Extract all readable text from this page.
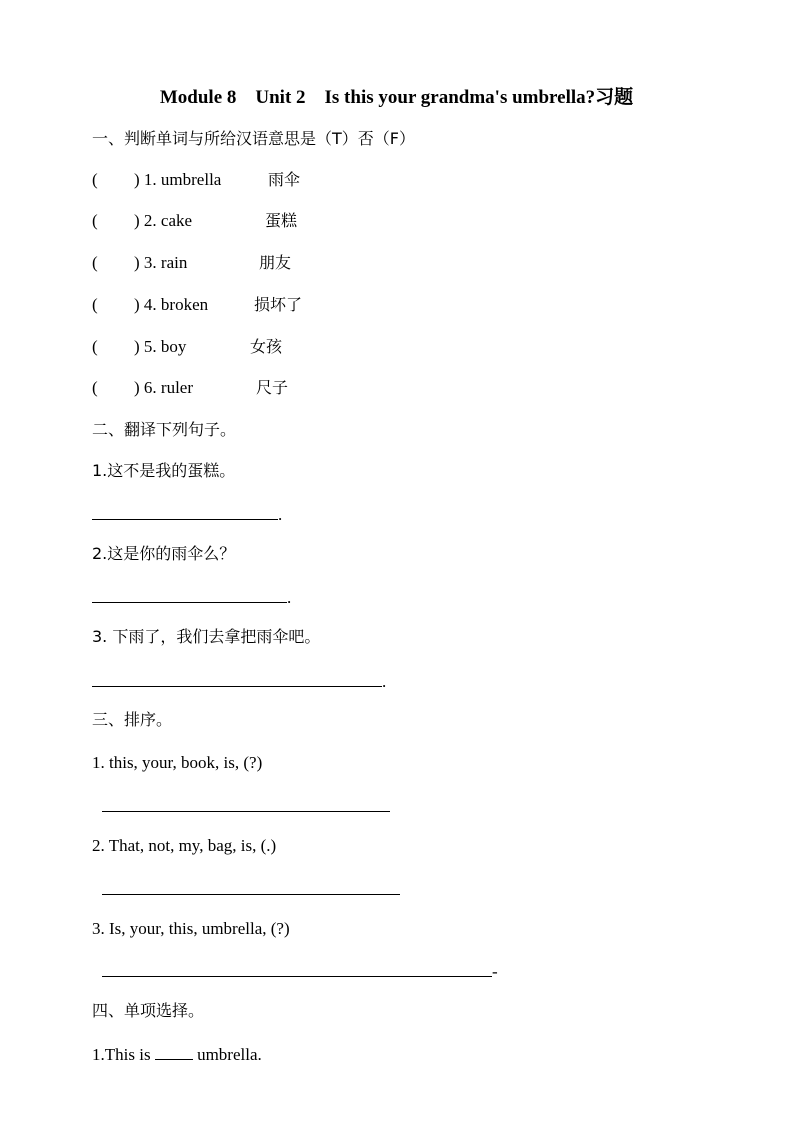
Module 8    Unit 2    Is this your grandma's umbrella?习题
一、判断单词与所给汉语意思是（T）否（F）
( ) 1. umbrella	雨伞
( ) 2. cake	蛋糕
( ) 3. rain	朋友
( ) 4. broken	损坏了
( ) 5. boy	女孩
( ) 6. ruler	尺子
二、翻译下列句子。
1.这不是我的蛋糕。
.
2.这是你的雨伞么？
.
3. 下雨了，我们去拿把雨伞吧。
.
三、排序。
1. this, your, book, is, (?)
2. That, not, my, bag, is, (.)
3. Is, your, this, umbrella, (?)
-
四、单项选择。
1.This is  umbrella.
